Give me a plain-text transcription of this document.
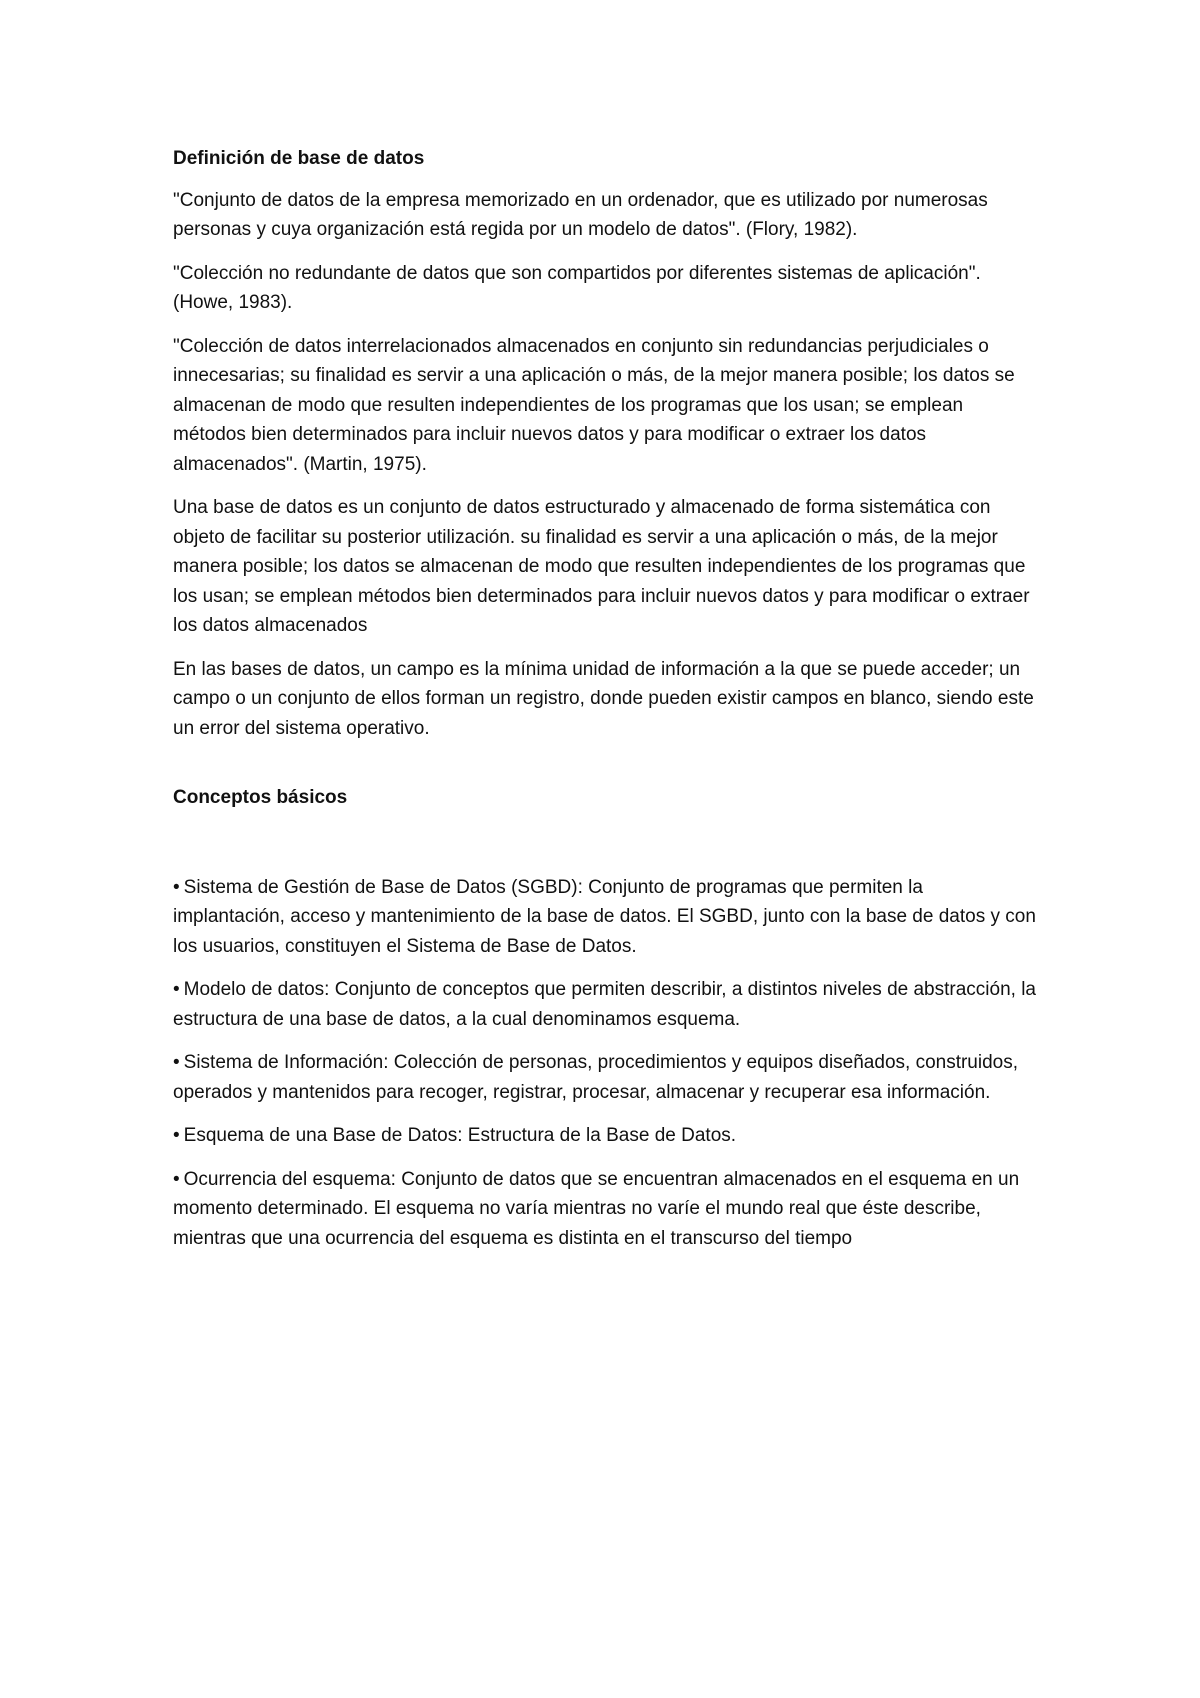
Definición de base de datos

"Conjunto de datos de la empresa memorizado en un ordenador, que es utilizado por numerosas personas y cuya organización está regida por un modelo de datos". (Flory, 1982).

"Colección no redundante de datos que son compartidos por diferentes sistemas de aplicación". (Howe, 1983).

"Colección de datos interrelacionados almacenados en conjunto sin redundancias perjudiciales o innecesarias; su finalidad es servir a una aplicación o más, de la mejor manera posible; los datos se almacenan de modo que resulten independientes de los programas que los usan; se emplean métodos bien determinados para incluir nuevos datos y para modificar o extraer los datos almacenados". (Martin, 1975).

Una base de datos es un conjunto de datos estructurado y almacenado de forma sistemática con objeto de facilitar su posterior utilización. su finalidad es servir a una aplicación o más, de la mejor manera posible; los datos se almacenan de modo que resulten independientes de los programas que los usan; se emplean métodos bien determinados para incluir nuevos datos y para modificar o extraer los datos almacenados

En las bases de datos, un campo es la mínima unidad de información a la que se puede acceder; un campo o un conjunto de ellos forman un registro, donde pueden existir campos en blanco, siendo este un error del sistema operativo.

Conceptos básicos
• Sistema de Gestión de Base de Datos (SGBD): Conjunto de programas que permiten la implantación, acceso y mantenimiento de la base de datos. El SGBD, junto con la base de datos y con los usuarios, constituyen el Sistema de Base de Datos.
• Modelo de datos: Conjunto de conceptos que permiten describir, a distintos niveles de abstracción, la estructura de una base de datos, a la cual denominamos esquema.
• Sistema de Información: Colección de personas, procedimientos y equipos diseñados, construidos, operados y mantenidos para recoger, registrar, procesar, almacenar y recuperar esa información.
• Esquema de una Base de Datos: Estructura de la Base de Datos.
• Ocurrencia del esquema: Conjunto de datos que se encuentran almacenados en el esquema en un momento determinado. El esquema no varía mientras no varíe el mundo real que éste describe, mientras que una ocurrencia del esquema es distinta en el transcurso del tiempo
